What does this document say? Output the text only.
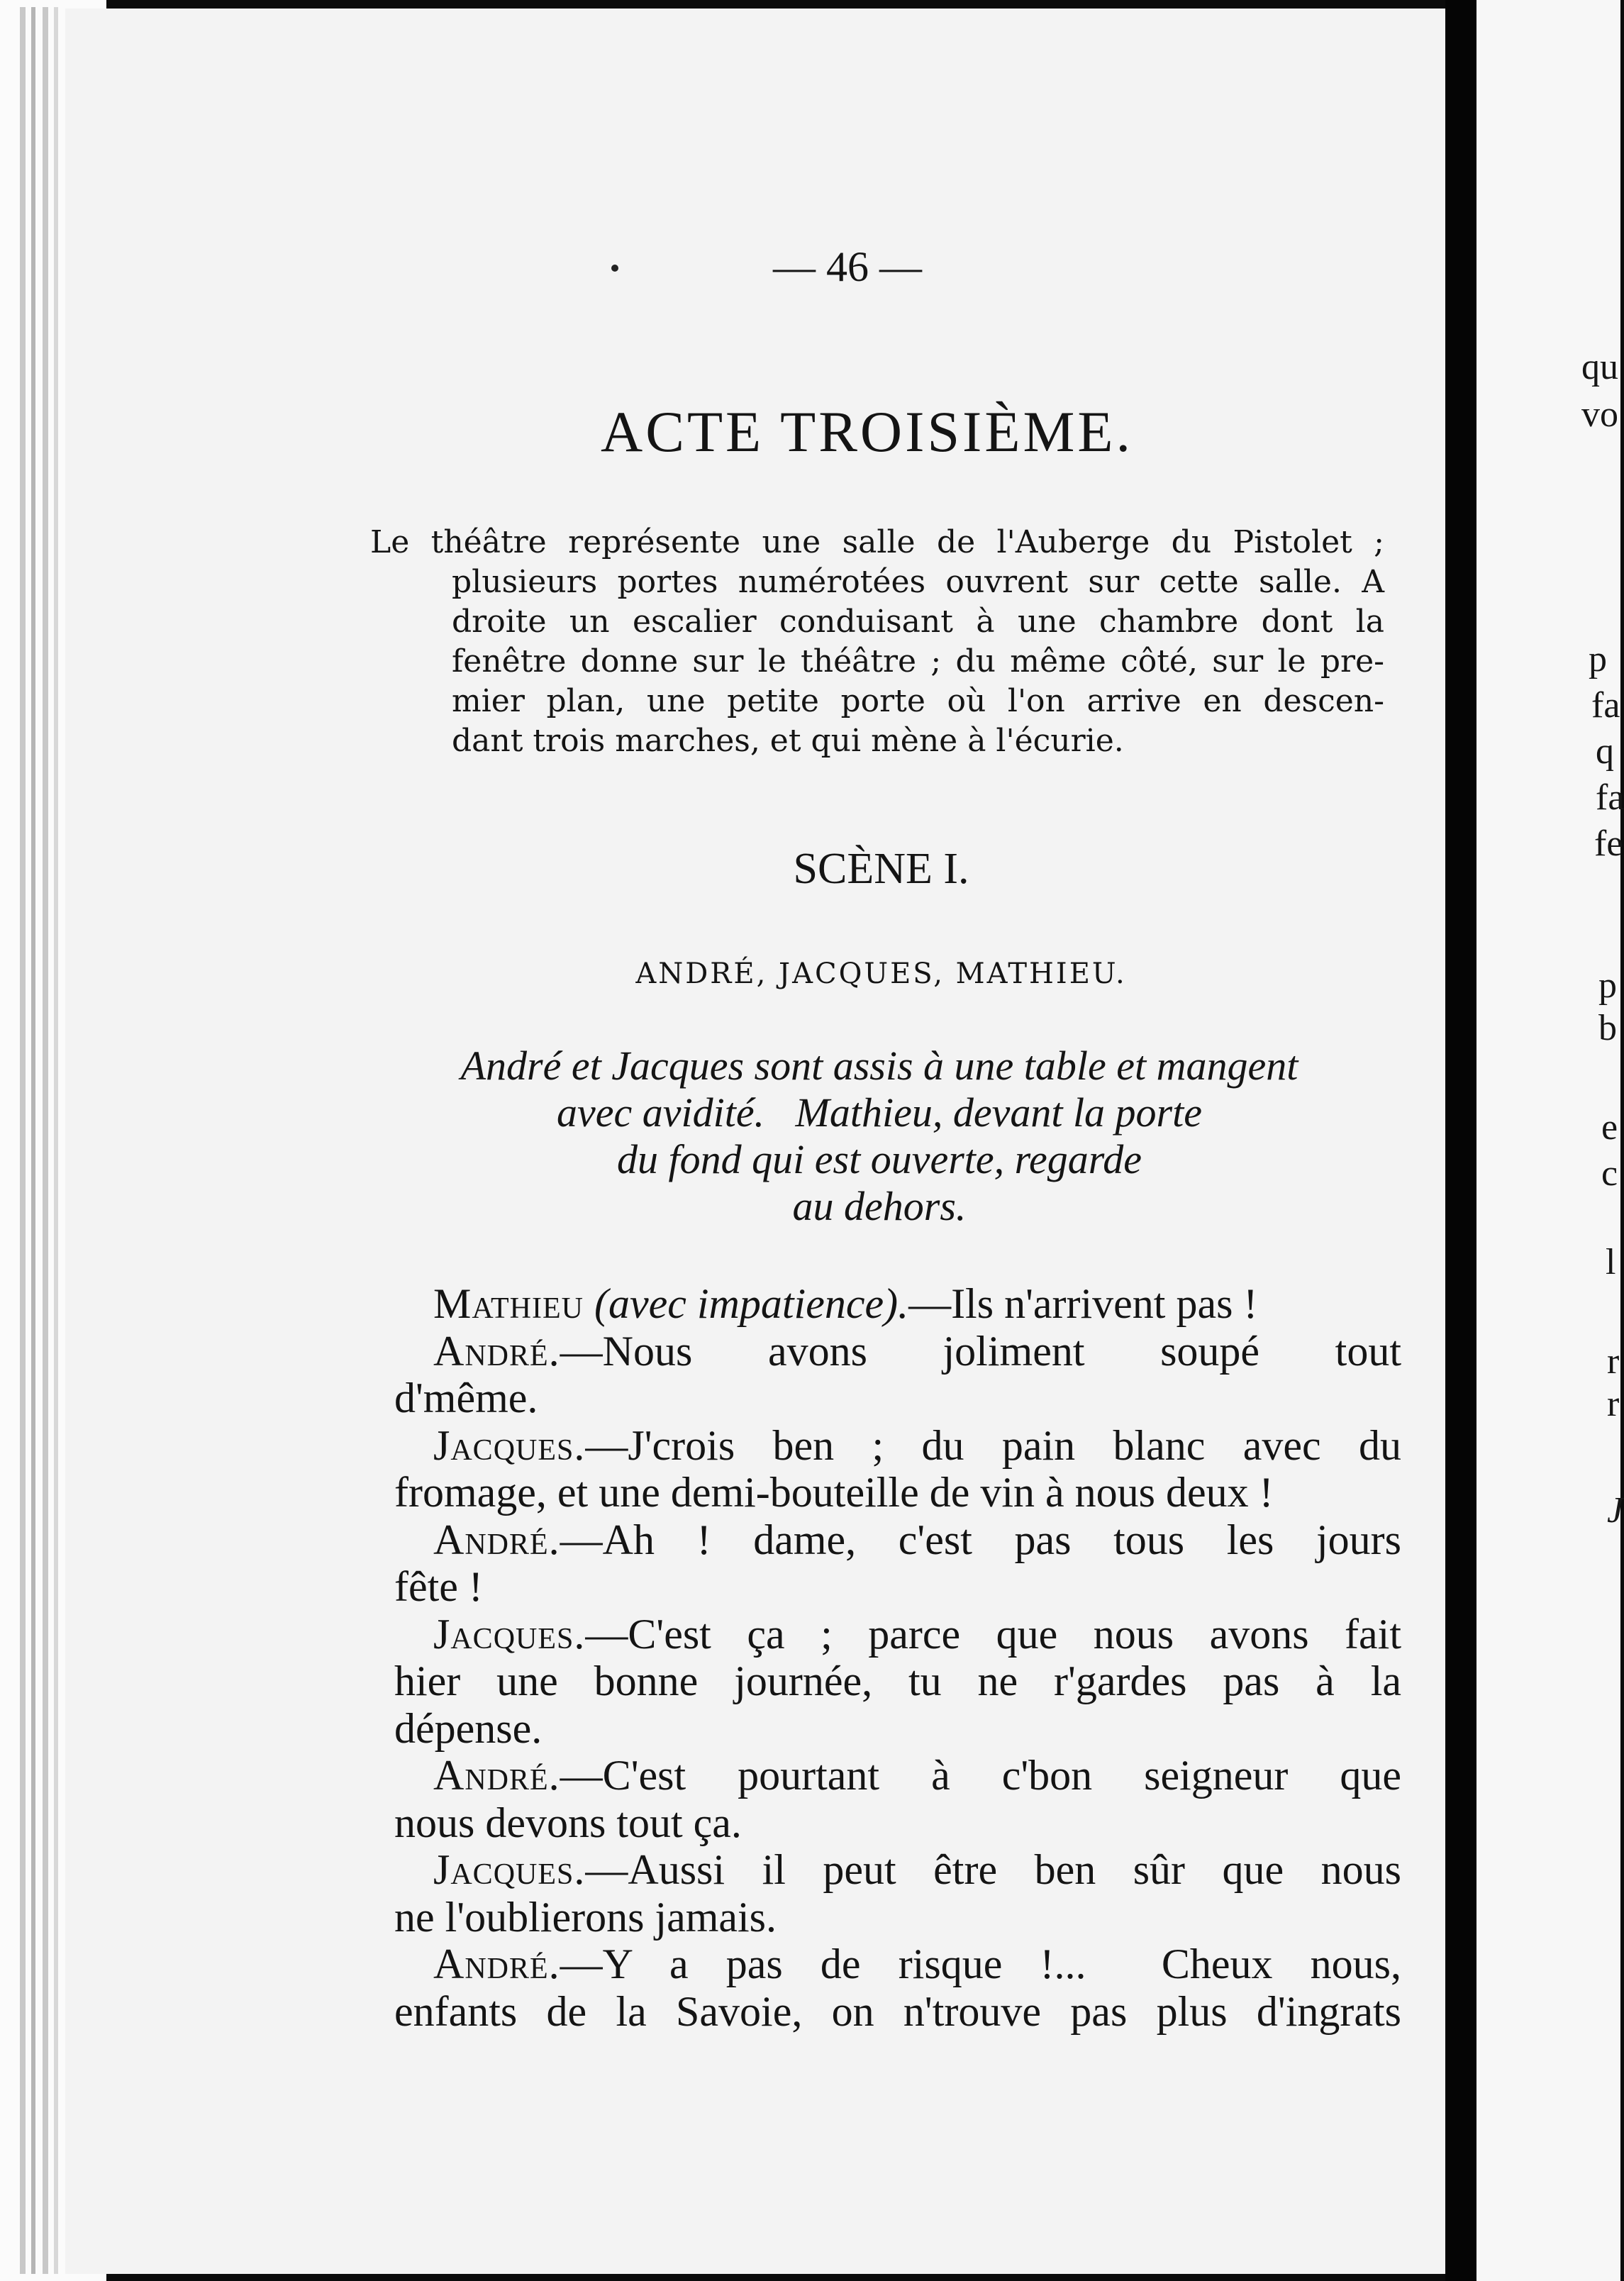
— 46 —
ACTE TROISIÈME.
Le théâtre représente une salle de l'Auberge du Pistolet ;
plusieurs portes numérotées ouvrent sur cette salle. A
droite un escalier conduisant à une chambre dont la
fenêtre donne sur le théâtre ; du même côté, sur le pre-
mier plan, une petite porte où l'on arrive en descen-
dant trois marches, et qui mène à l'écurie.
SCÈNE I.
ANDRÉ, JACQUES, MATHIEU.
André et Jacques sont assis à une table et mangent
avec avidité.   Mathieu, devant la porte
du fond qui est ouverte, regarde
au dehors.

Mathieu (avec impatience).—Ils n'arrivent pas !

André.—Nous avons joliment soupé tout
d'même.

Jacques.—J'crois ben ; du pain blanc avec du
fromage, et une demi-bouteille de vin à nous deux !

André.—Ah ! dame, c'est pas tous les jours
fête !

Jacques.—C'est ça ; parce que nous avons fait
hier une bonne journée, tu ne r'gardes pas à la
dépense.

André.—C'est pourtant à c'bon seigneur que
nous devons tout ça.

Jacques.—Aussi il peut être ben sûr que nous
ne l'oublierons jamais.

André.—Y a pas de risque !...  Cheux nous,
enfants de la Savoie, on n'trouve pas plus d'ingrats

qu
vo
p
fa
q
fa
fe
p
b
e
c
l
r
r
J
